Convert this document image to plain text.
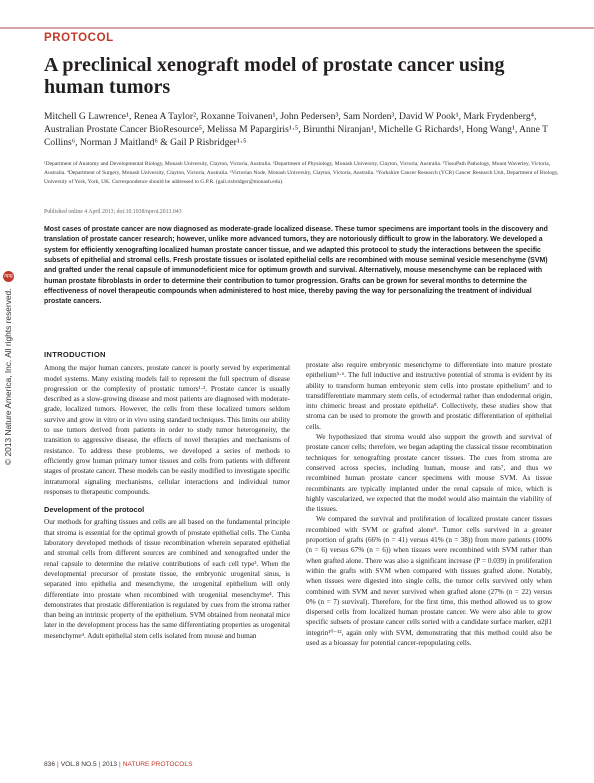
PROTOCOL
A preclinical xenograft model of prostate cancer using human tumors

Mitchell G Lawrence¹, Renea A Taylor², Roxanne Toivanen¹, John Pedersen³, Sam Norden³, David W Pook¹, Mark Frydenberg⁴, Australian Prostate Cancer BioResource⁵, Melissa M Papargiris¹·⁵, Birunthi Niranjan¹, Michelle G Richards¹, Hong Wang¹, Anne T Collins⁶, Norman J Maitland⁶ & Gail P Risbridger¹·⁵

¹Department of Anatomy and Developmental Biology, Monash University, Clayton, Victoria, Australia. ²Department of Physiology, Monash University, Clayton, Victoria, Australia. ³TissuPath Pathology, Mount Waverley, Victoria, Australia. ⁴Department of Surgery, Monash University, Clayton, Victoria, Australia. ⁵Victorian Node, Monash University, Clayton, Victoria, Australia. ⁶Yorkshire Cancer Research (YCR) Cancer Research Unit, Department of Biology, University of York, York, UK. Correspondence should be addressed to G.P.R. (gail.risbridger@monash.edu).

Published online 4 April 2013; doi:10.1038/nprot.2013.043

Most cases of prostate cancer are now diagnosed as moderate-grade localized disease. These tumor specimens are important tools in the discovery and translation of prostate cancer research; however, unlike more advanced tumors, they are notoriously difficult to grow in the laboratory. We developed a system for efficiently xenografting localized human prostate cancer tissue, and we adapted this protocol to study the interactions between the specific subsets of epithelial and stromal cells. Fresh prostate tissues or isolated epithelial cells are recombined with mouse seminal vesicle mesenchyme (SVM) and grafted under the renal capsule of immunodeficient mice for optimum growth and survival. Alternatively, mouse mesenchyme can be replaced with human prostate fibroblasts in order to determine their contribution to tumor progression. Grafts can be grown for several months to determine the effectiveness of novel therapeutic compounds when administered to host mice, thereby paving the way for personalizing the treatment of individual prostate cancers.

© 2013 Nature America, Inc. All rights reserved. npg
INTRODUCTION

Among the major human cancers, prostate cancer is poorly served by experimental model systems. Many existing models fail to represent the full spectrum of disease progression or the complexity of prostatic tumors¹·². Prostate cancer is usually described as a slow-growing disease and most patients are diagnosed with moderate-grade, localized tumors. However, the cells from these localized tumors seldom survive and grow in vitro or in vivo using standard techniques. This limits our ability to use tumors derived from patients in order to study tumor heterogeneity, the transition to aggressive disease, the effects of novel therapies and mechanisms of resistance. To address these problems, we developed a series of methods to efficiently grow human primary tumor tissues and cells from patients with different stages of prostate cancer. These models can be easily modified to investigate specific intratumoral signaling mechanisms, cellular interactions and individual tumor responses to therapeutic compounds.

Development of the protocol

Our methods for grafting tissues and cells are all based on the fundamental principle that stroma is essential for the optimal growth of prostate epithelial cells. The Cunha laboratory developed methods of tissue recombination wherein separated epithelial and stromal cells from different sources are combined and xenografted under the renal capsule to determine the relative contributions of each cell type³. When the developmental precursor of prostate tissue, the embryonic urogenital sinus, is separated into epithelia and mesenchyme, the urogenital epithelium will only differentiate into prostate when recombined with urogenital mesenchyme⁴. This demonstrates that prostatic differentiation is regulated by cues from the stroma rather than being an intrinsic property of the epithelium. SVM obtained from neonatal mice later in the development process has the same differentiating properties as urogenital mesenchyme⁴. Adult epithelial stem cells isolated from mouse and human

prostate also require embryonic mesenchyme to differentiate into mature prostate epithelium⁵·⁶. The full inductive and instructive potential of stroma is evident by its ability to transform human embryonic stem cells into prostate epithelium⁷ and to transdifferentiate mammary stem cells, of ectodermal rather than endodermal origin, into chimeric breast and prostate epithelia⁸. Collectively, these studies show that stroma can be used to promote the growth and prostatic differentiation of epithelial cells.

We hypothesized that stroma would also support the growth and survival of prostate cancer cells; therefore, we began adapting the classical tissue recombination techniques for xenografting prostate cancer tissues. The cues from stroma are conserved across species, including human, mouse and rats⁷, and thus we recombined human prostate cancer specimens with mouse SVM. As tissue recombinants are typically implanted under the renal capsule of mice, which is highly vascularized, we expected that the model would also maintain the viability of the tissues.

We compared the survival and proliferation of localized prostate cancer tissues recombined with SVM or grafted alone⁹. Tumor cells survived in a greater proportion of grafts (66% (n = 41) versus 41% (n = 38)) from more patients (100% (n = 6) versus 67% (n = 6)) when tissues were recombined with SVM rather than when grafted alone. There was also a significant increase (P = 0.039) in proliferation within the grafts with SVM when compared with tissues grafted alone. Notably, when tissues were digested into single cells, the tumor cells survived only when combined with SVM and never survived when grafted alone (27% (n = 22) versus 0% (n = 7) survival). Therefore, for the first time, this method allowed us to grow dispersed cells from localized human prostate cancer. We were also able to grow specific subsets of prostate cancer cells sorted with a candidate surface marker, α2β1 integrin¹⁰⁻¹², again only with SVM, demonstrating that this method could also be used as a bioassay for potential cancer-repopulating cells.

836 | VOL.8 NO.5 | 2013 | NATURE PROTOCOLS
